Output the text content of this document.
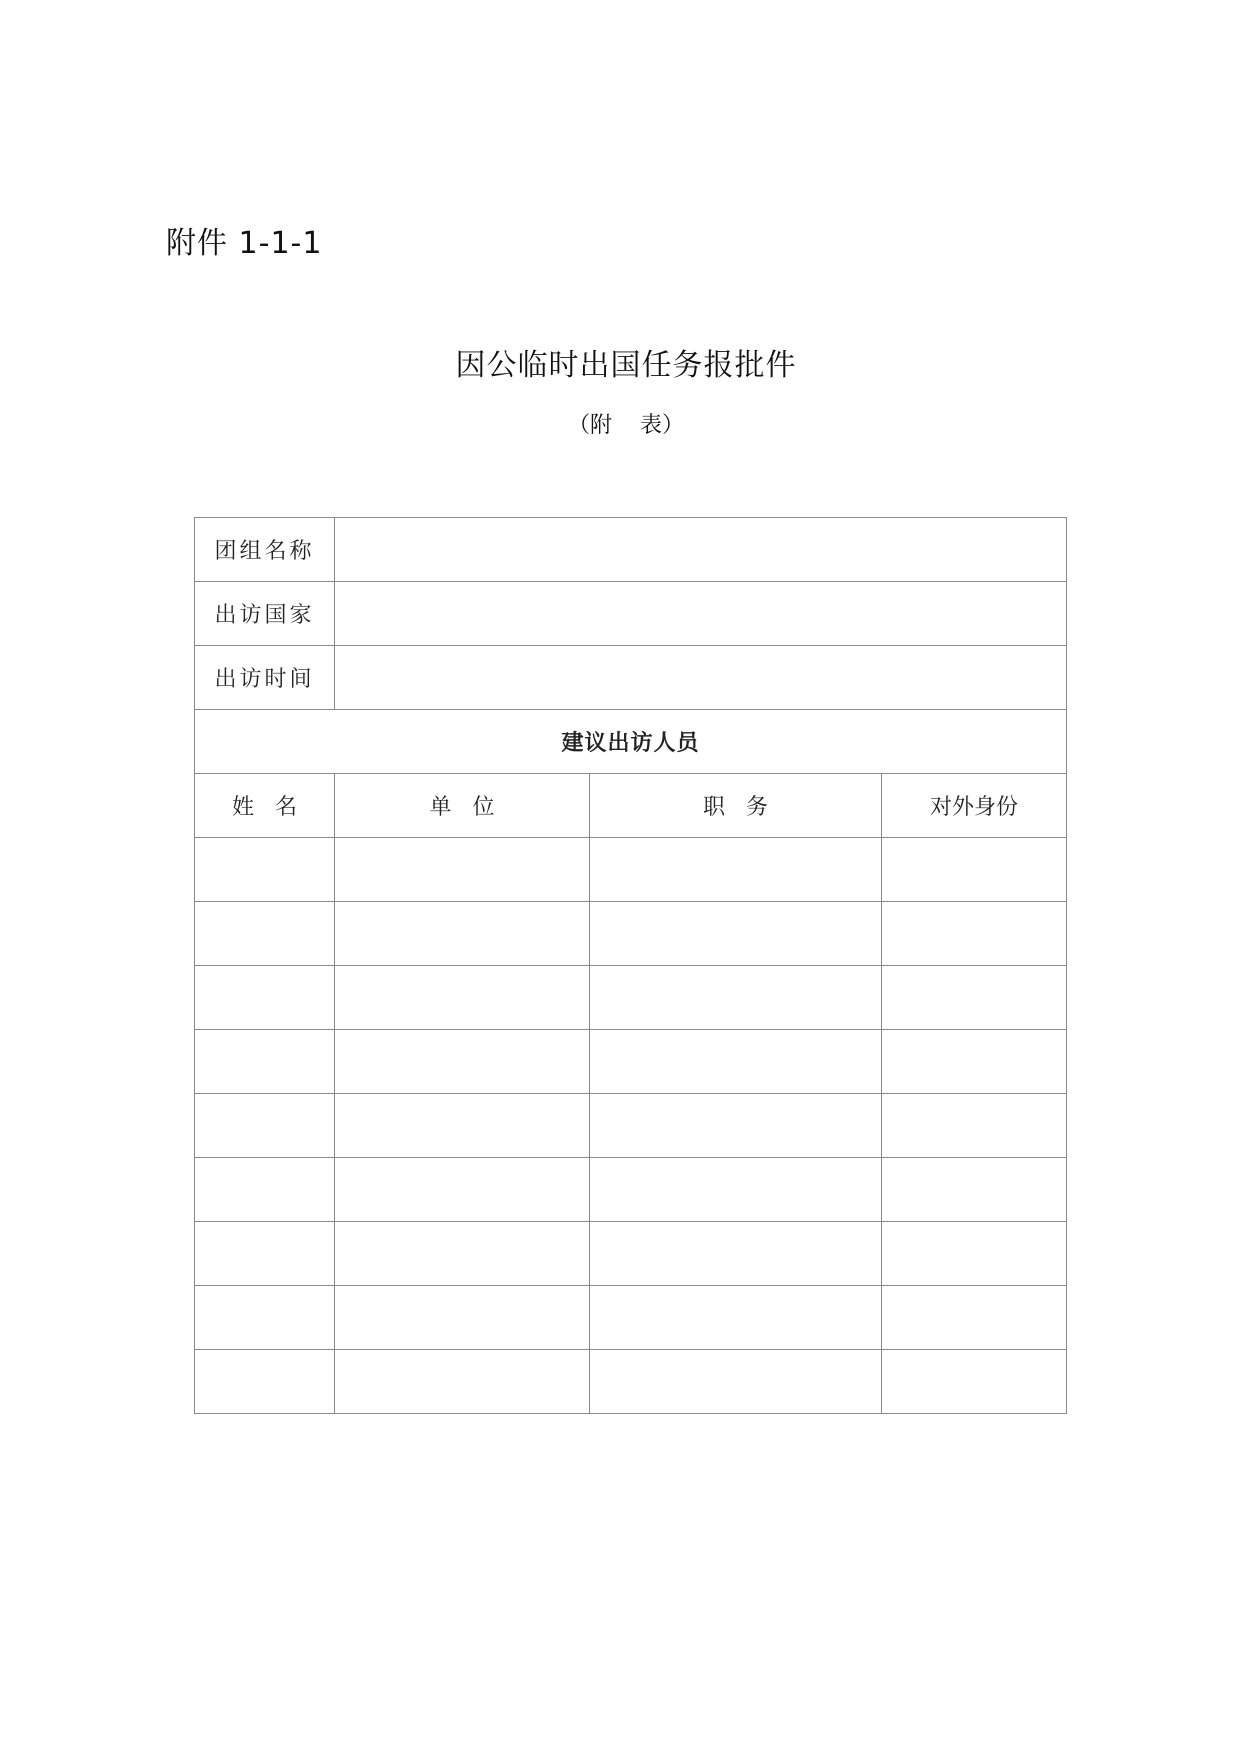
附件 1-1-1

因公临时出国任务报批件

（附    表）

团组名称			
出访国家			
出访时间			
建议出访人员			
姓   名	单   位	职   务	对外身份
